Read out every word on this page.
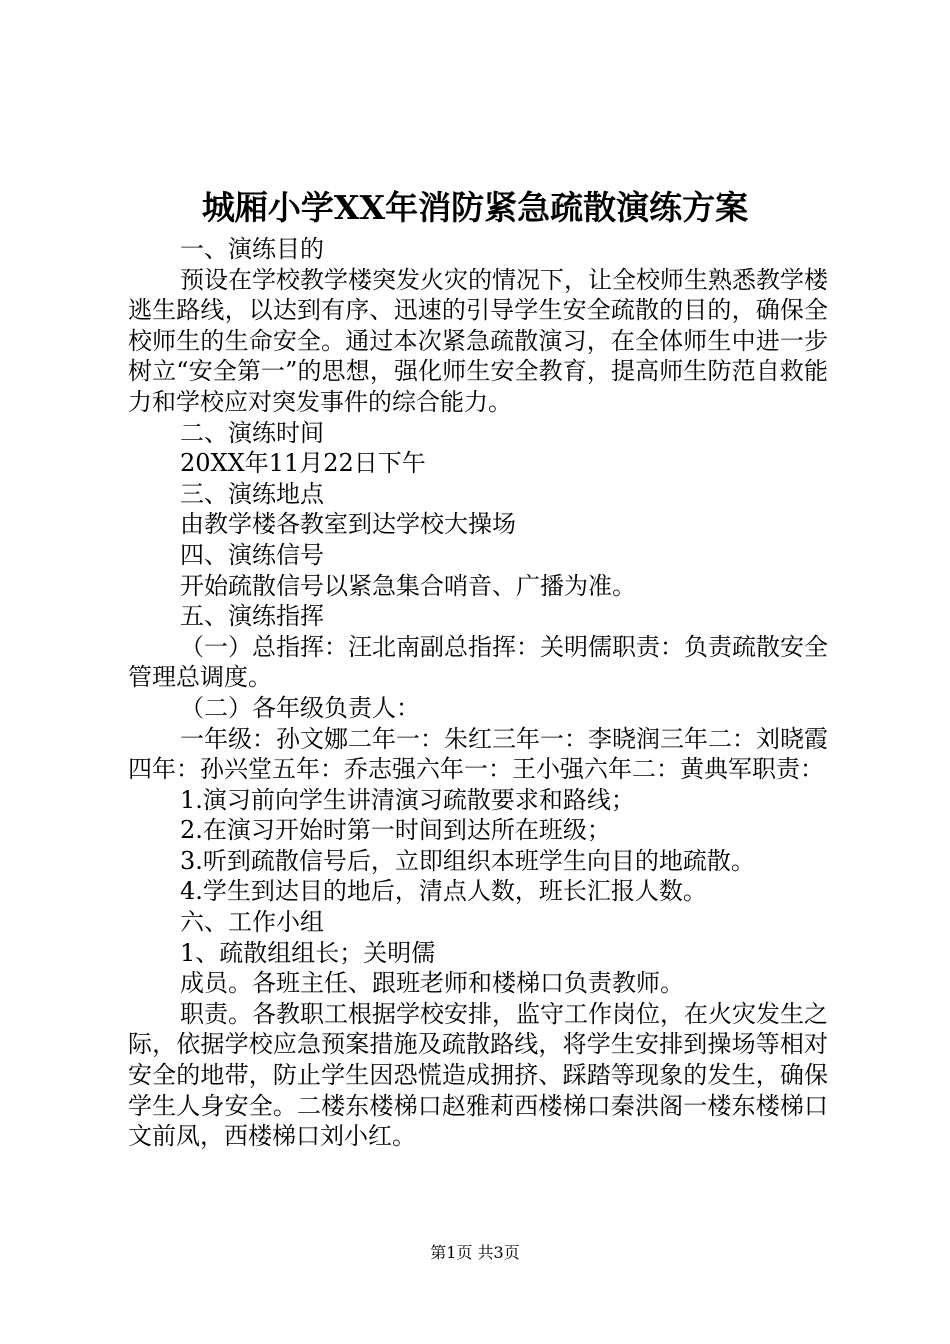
城厢小学XX年消防紧急疏散演练方案

一、演练目的

预设在学校教学楼突发火灾的情况下，让全校师生熟悉教学楼逃生路线，以达到有序、迅速的引导学生安全疏散的目的，确保全校师生的生命安全。通过本次紧急疏散演习，在全体师生中进一步树立“安全第一”的思想，强化师生安全教育，提高师生防范自救能力和学校应对突发事件的综合能力。

二、演练时间

20XX年11月22日下午

三、演练地点

由教学楼各教室到达学校大操场

四、演练信号

开始疏散信号以紧急集合哨音、广播为准。

五、演练指挥

（一）总指挥：汪北南副总指挥：关明儒职责：负责疏散安全管理总调度。

（二）各年级负责人：

一年级：孙文娜二年一：朱红三年一：李晓润三年二：刘晓霞四年：孙兴堂五年：乔志强六年一：王小强六年二：黄典军职责：

1.演习前向学生讲清演习疏散要求和路线；

2.在演习开始时第一时间到达所在班级；

3.听到疏散信号后，立即组织本班学生向目的地疏散。

4.学生到达目的地后，清点人数，班长汇报人数。

六、工作小组

1、疏散组组长；关明儒

成员。各班主任、跟班老师和楼梯口负责教师。

职责。各教职工根据学校安排，监守工作岗位，在火灾发生之际，依据学校应急预案措施及疏散路线，将学生安排到操场等相对安全的地带，防止学生因恐慌造成拥挤、踩踏等现象的发生，确保学生人身安全。二楼东楼梯口赵雅莉西楼梯口秦洪阁一楼东楼梯口文前凤，西楼梯口刘小红。

第1页 共3页
